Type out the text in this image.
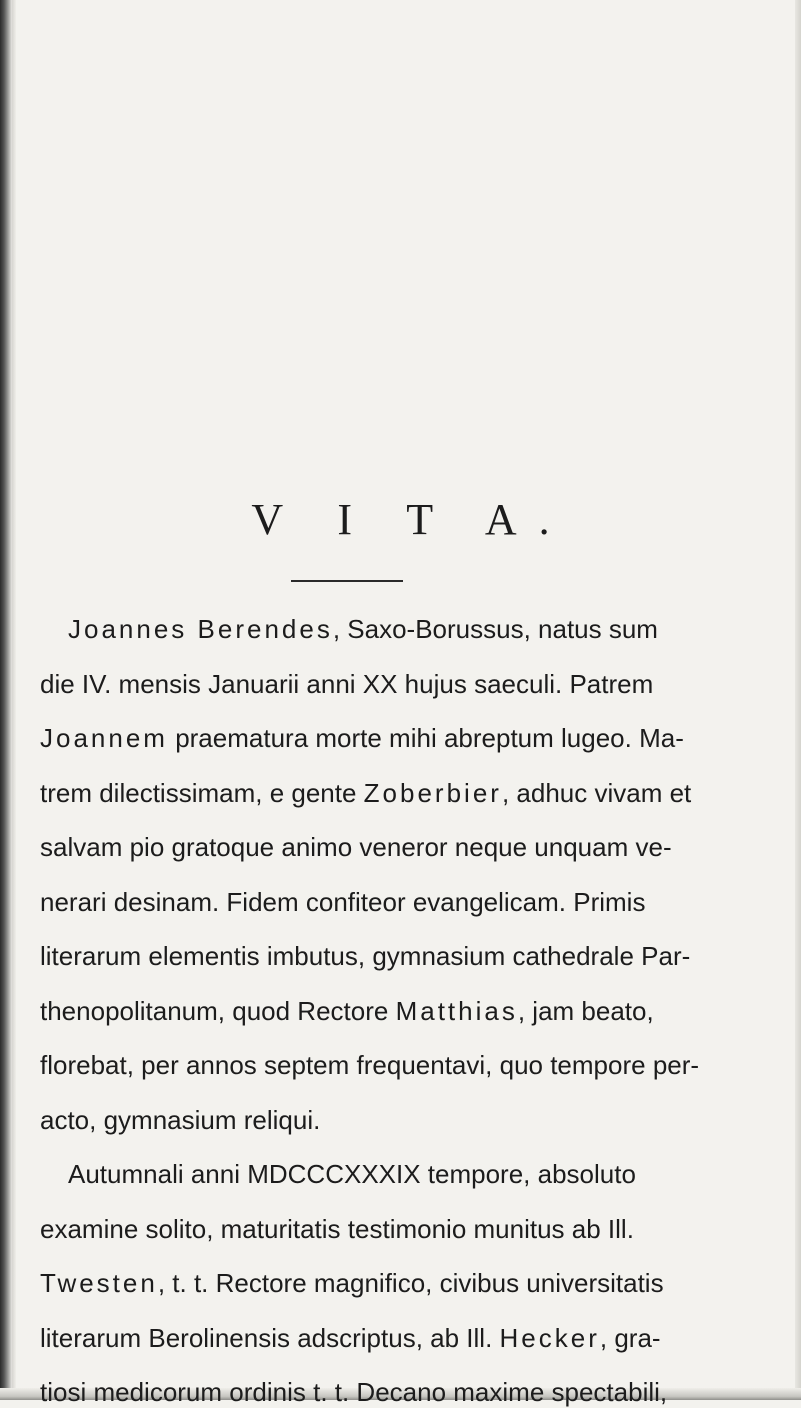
V I T A.
Joannes Berendes, Saxo-Borussus, natus sum
die IV. mensis Januarii anni XX hujus saeculi. Patrem
Joannem praematura morte mihi abreptum lugeo. Ma-
trem dilectissimam, e gente Zoberbier, adhuc vivam et
salvam pio gratoque animo veneror neque unquam ve-
nerari desinam. Fidem confiteor evangelicam. Primis
literarum elementis imbutus, gymnasium cathedrale Par-
thenopolitanum, quod Rectore Matthias, jam beato,
florebat, per annos septem frequentavi, quo tempore per-
acto, gymnasium reliqui.
Autumnali anni MDCCCXXXIX tempore, absoluto
examine solito, maturitatis testimonio munitus ab Ill.
Twesten, t. t. Rectore magnifico, civibus universitatis
literarum Berolinensis adscriptus, ab Ill. Hecker, gra-
tiosi medicorum ordinis t. t. Decano maxime spectabili,
